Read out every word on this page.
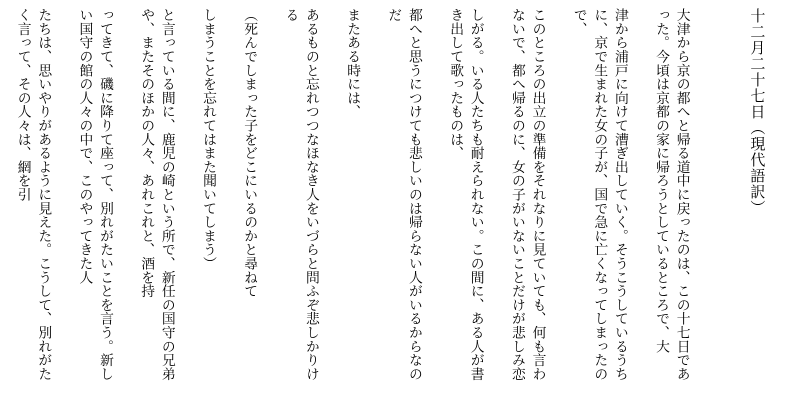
十二月二十七日（現代語訳）

大津から京の都へと帰る道中に戻ったのは、この十七日であった。今頃は京都の家に帰ろうとしているところで、大

津から浦戸に向けて漕ぎ出していく。そうこうしているうちに、京で生まれた女の子が、国で急に亡くなってしまったので、

このところの出立の準備をそれなりに見ていても、何も言わないで、都へ帰るのに、女の子がいないことだけが悲しみ恋

しがる。いる人たちも耐えられない。この間に、ある人が書き出して歌ったものは、

都へと思うにつけても悲しいのは帰らない人がいるからなのだ

またある時には、

あるものと忘れつつなほなき人をいづらと問ふぞ悲しかりける

（死んでしまった子をどこにいるのかと尋ねて

しまうことを忘れてはまた聞いてしまう）

と言っている間に、鹿児の崎という所で、新任の国守の兄弟や、またそのほかの人々、あれこれと、酒を持

ってきて、磯に降りて座って、別れがたいことを言う。新しい国守の館の人々の中で、このやってきた人

たちは、思いやりがあるように見えた。こうして、別れがたく言って、その人々は、網を引
